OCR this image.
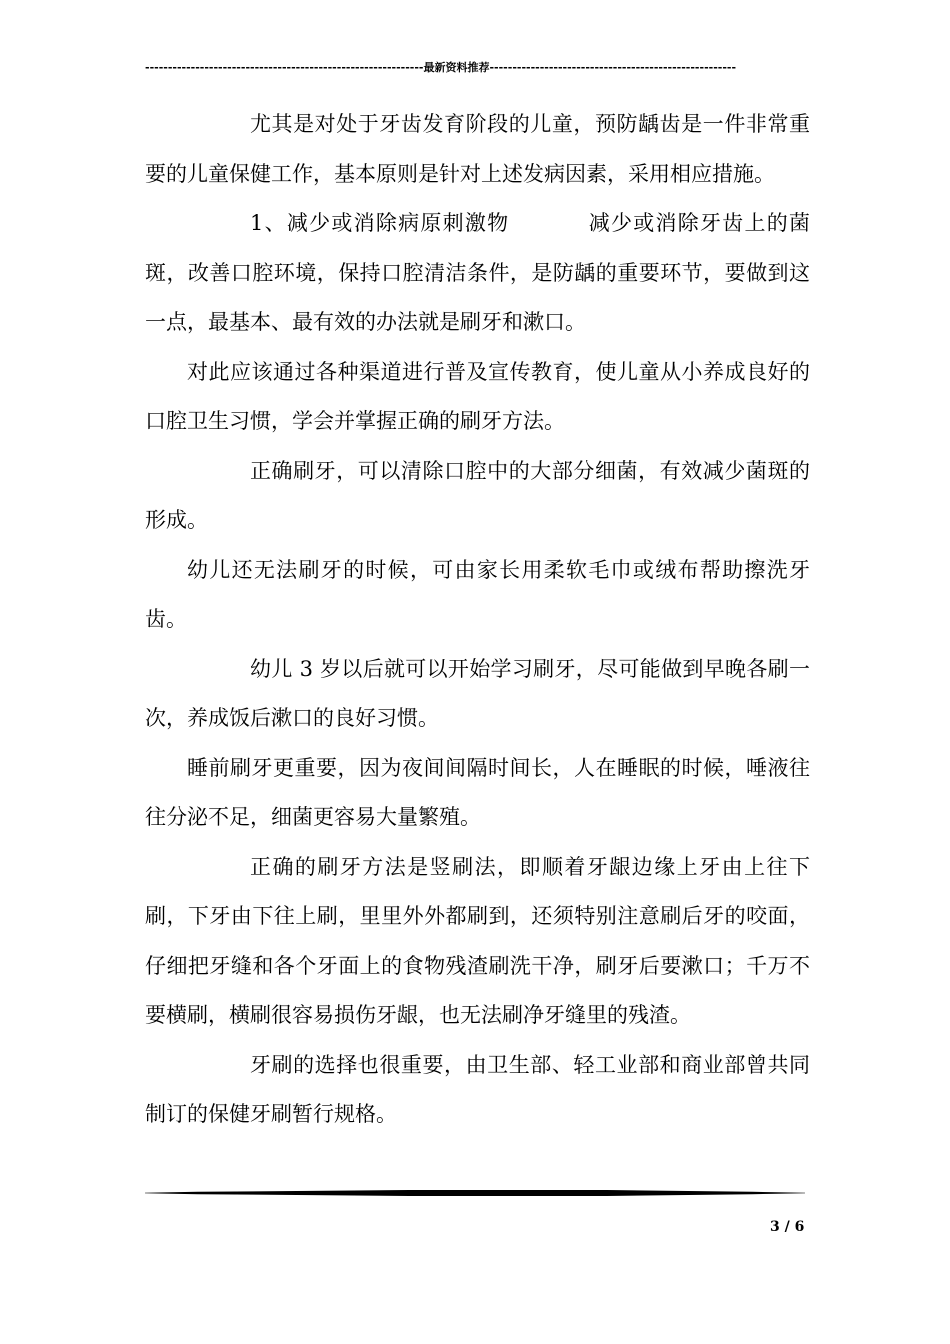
-------------------------------------------------------------最新资料推荐------------------------------------------------------

尤其是对处于牙齿发育阶段的儿童，预防龋齿是一件非常重要的儿童保健工作，基本原则是针对上述发病因素，采用相应措施。

1、减少或消除病原刺激物	减少或消除牙齿上的菌斑，改善口腔环境，保持口腔清洁条件，是防龋的重要环节，要做到这一点，最基本、最有效的办法就是刷牙和漱口。

对此应该通过各种渠道进行普及宣传教育，使儿童从小养成良好的口腔卫生习惯，学会并掌握正确的刷牙方法。

正确刷牙，可以清除口腔中的大部分细菌，有效减少菌斑的形成。

幼儿还无法刷牙的时候，可由家长用柔软毛巾或绒布帮助擦洗牙齿。

幼儿 3 岁以后就可以开始学习刷牙，尽可能做到早晚各刷一次，养成饭后漱口的良好习惯。

睡前刷牙更重要，因为夜间间隔时间长，人在睡眠的时候，唾液往往分泌不足，细菌更容易大量繁殖。

正确的刷牙方法是竖刷法，即顺着牙龈边缘上牙由上往下刷，下牙由下往上刷，里里外外都刷到，还须特别注意刷后牙的咬面，仔细把牙缝和各个牙面上的食物残渣刷洗干净，刷牙后要漱口；千万不要横刷，横刷很容易损伤牙龈，也无法刷净牙缝里的残渣。

牙刷的选择也很重要，由卫生部、轻工业部和商业部曾共同制订的保健牙刷暂行规格。

3 / 6
